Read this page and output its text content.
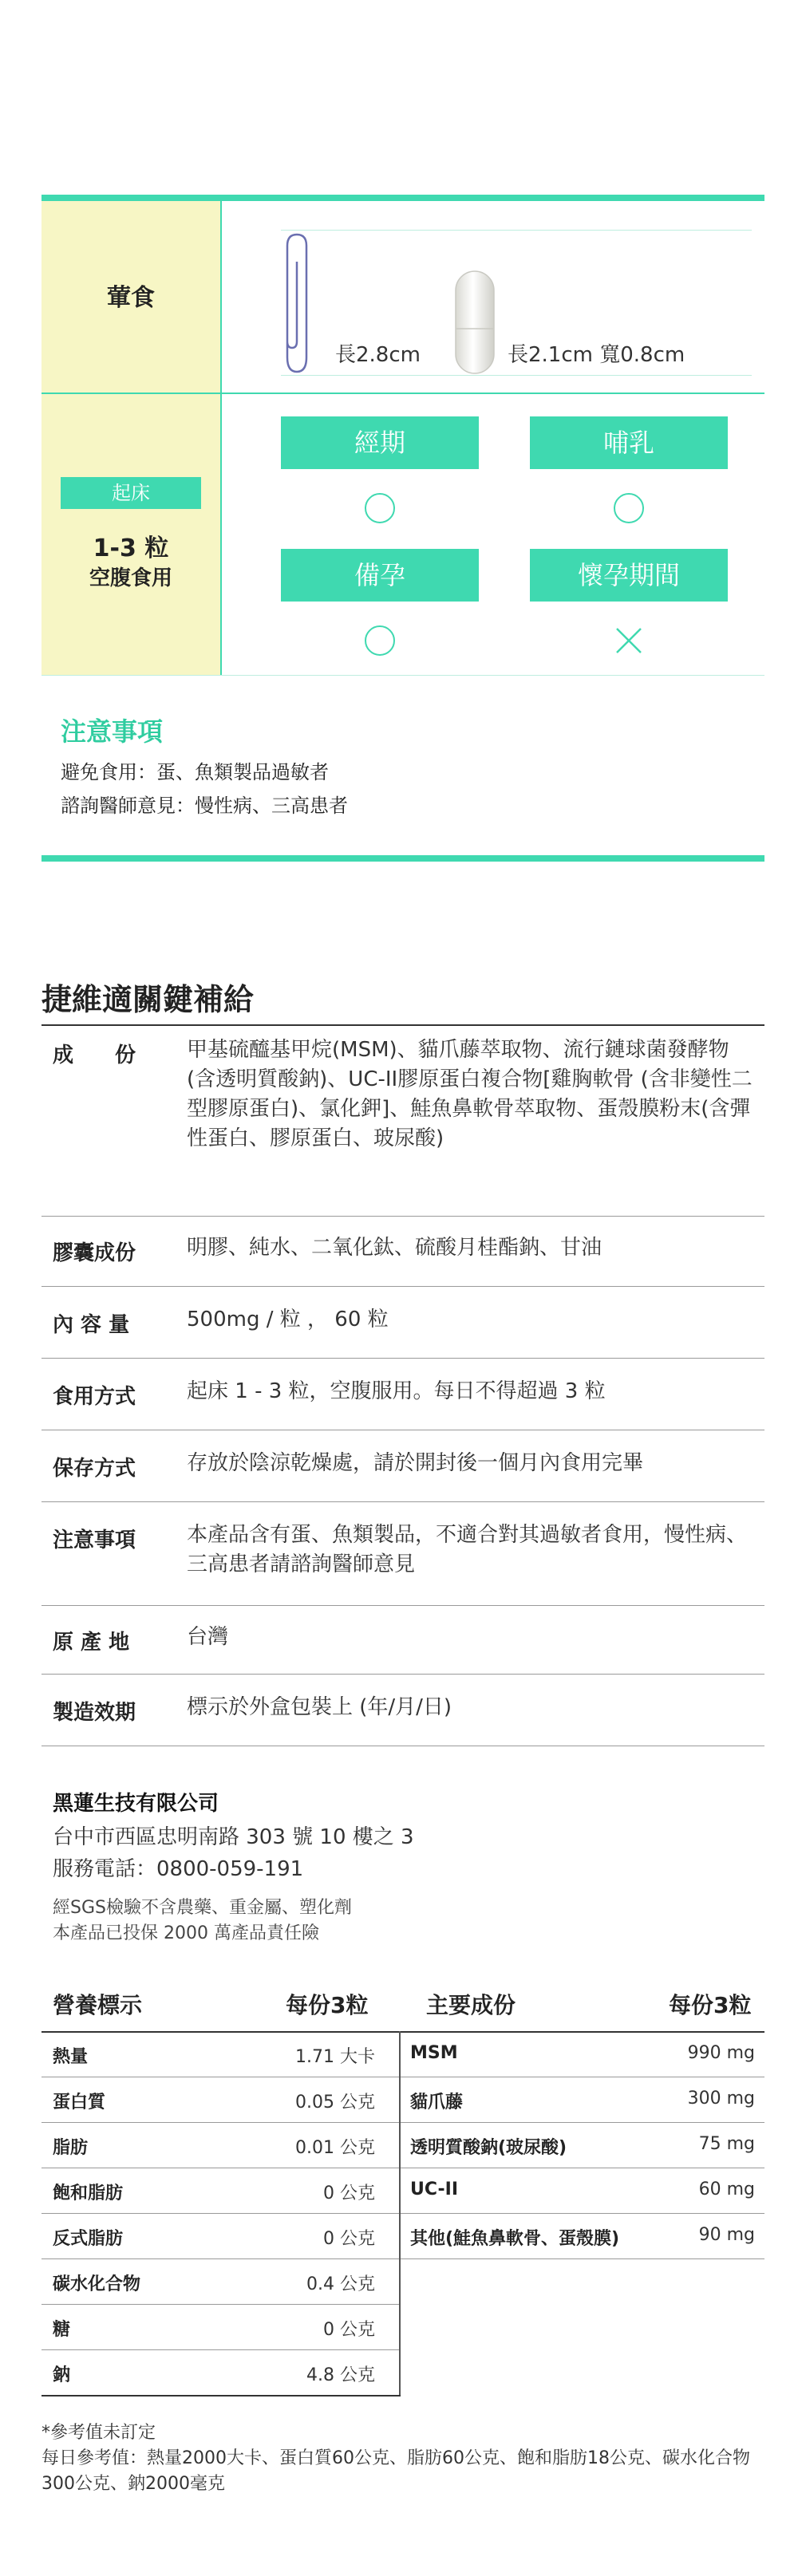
葷食
起床
1-3 粒
空腹食用
長2.8cm	長2.1cm 寬0.8cm
經期	哺乳
備孕	懷孕期間
注意事項
避免食用：蛋、魚類製品過敏者
諮詢醫師意見：慢性病、三高患者
捷維適關鍵補給
成　　份 甲基硫醯基甲烷(MSM)、貓爪藤萃取物、流行鏈球菌發酵物(含透明質酸鈉)、UC-II膠原蛋白複合物[雞胸軟骨 (含非變性二型膠原蛋白)、氯化鉀]、鮭魚鼻軟骨萃取物、蛋殼膜粉末(含彈性蛋白、膠原蛋白、玻尿酸)
膠囊成份 明膠、純水、二氧化鈦、硫酸月桂酯鈉、甘油
內 容 量	500mg / 粒 ， 60 粒
食用方式 起床 1 - 3 粒，空腹服用。每日不得超過 3 粒
保存方式 存放於陰涼乾燥處，請於開封後一個月內食用完畢
注意事項 本產品含有蛋、魚類製品，不適合對其過敏者食用，慢性病、三高患者請諮詢醫師意見
原 產 地	台灣
製造效期 標示於外盒包裝上 (年/月/日)
黑蓮生技有限公司
台中市西區忠明南路 303 號 10 樓之 3
服務電話：0800-059-191
經SGS檢驗不含農藥、重金屬、塑化劑
本產品已投保 2000 萬產品責任險
營養標示	每份3粒	主要成份	每份3粒
熱量	1.71 大卡
蛋白質	0.05 公克
脂肪	0.01 公克
飽和脂肪	0 公克
反式脂肪	0 公克
碳水化合物	0.4 公克
糖	0 公克
鈉	4.8 公克
MSM	990 mg
貓爪藤	300 mg
透明質酸鈉(玻尿酸)	75 mg
UC-II	60 mg
其他(鮭魚鼻軟骨、蛋殼膜)	90 mg
*參考值未訂定
每日參考值：熱量2000大卡、蛋白質60公克、脂肪60公克、飽和脂肪18公克、碳水化合物300公克、鈉2000毫克
